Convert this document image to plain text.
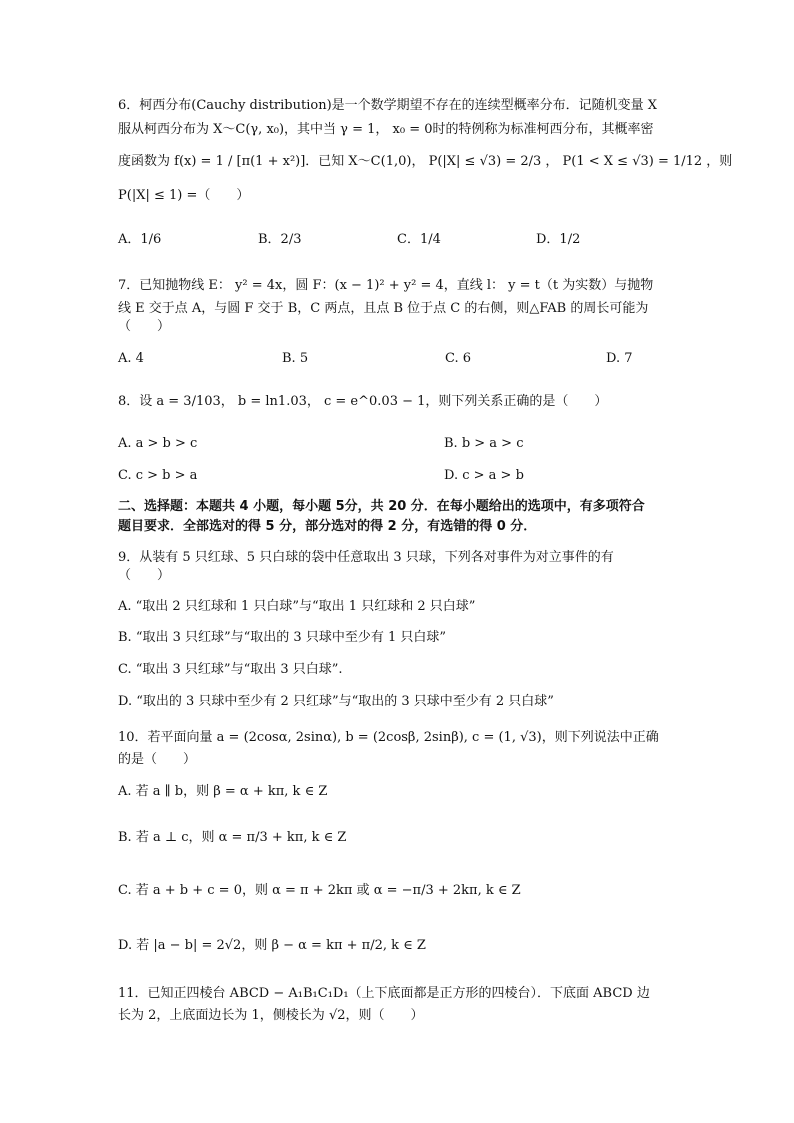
6．柯西分布(Cauchy distribution)是一个数学期望不存在的连续型概率分布．记随机变量 X
服从柯西分布为 X～C(γ, x₀)，其中当 γ = 1， x₀ = 0时的特例称为标准柯西分布，其概率密
度函数为 f(x) = 1 / [π(1 + x²)]．已知 X～C(1,0)， P(|X| ≤ √3) = 2/3 ， P(1 < X ≤ √3) = 1/12 ，则
P(|X| ≤ 1) =（　　）
A．1/6	B．2/3	C．1/4	D．1/2
7．已知抛物线 E： y² = 4x，圆 F：(x − 1)² + y² = 4，直线 l： y = t（t 为实数）与抛物
线 E 交于点 A，与圆 F 交于 B，C 两点，且点 B 位于点 C 的右侧，则△FAB 的周长可能为
（　　）
A. 4	B. 5	C. 6	D. 7
8．设 a = 3/103， b = ln1.03， c = e^0.03 − 1，则下列关系正确的是（　　）
A. a > b > c	B. b > a > c
C. c > b > a	D. c > a > b
二、选择题：本题共 4 小题，每小题 5分，共 20 分．在每小题给出的选项中，有多项符合
题目要求．全部选对的得 5 分，部分选对的得 2 分，有选错的得 0 分．
9．从装有 5 只红球、5 只白球的袋中任意取出 3 只球，下列各对事件为对立事件的有
（　　）
A. “取出 2 只红球和 1 只白球”与“取出 1 只红球和 2 只白球”
B. “取出 3 只红球”与“取出的 3 只球中至少有 1 只白球”
C. “取出 3 只红球”与“取出 3 只白球”.
D. “取出的 3 只球中至少有 2 只红球”与“取出的 3 只球中至少有 2 只白球”
10．若平面向量 a = (2cosα, 2sinα), b = (2cosβ, 2sinβ), c = (1, √3)，则下列说法中正确
的是（　　）
A. 若 a ∥ b，则 β = α + kπ, k ∈ Z
B. 若 a ⊥ c，则 α = π/3 + kπ, k ∈ Z
C. 若 a + b + c = 0，则 α = π + 2kπ 或 α = −π/3 + 2kπ, k ∈ Z
D. 若 |a − b| = 2√2，则 β − α = kπ + π/2, k ∈ Z
11．已知正四棱台 ABCD − A₁B₁C₁D₁（上下底面都是正方形的四棱台）．下底面 ABCD 边
长为 2，上底面边长为 1，侧棱长为 √2，则（　　）
